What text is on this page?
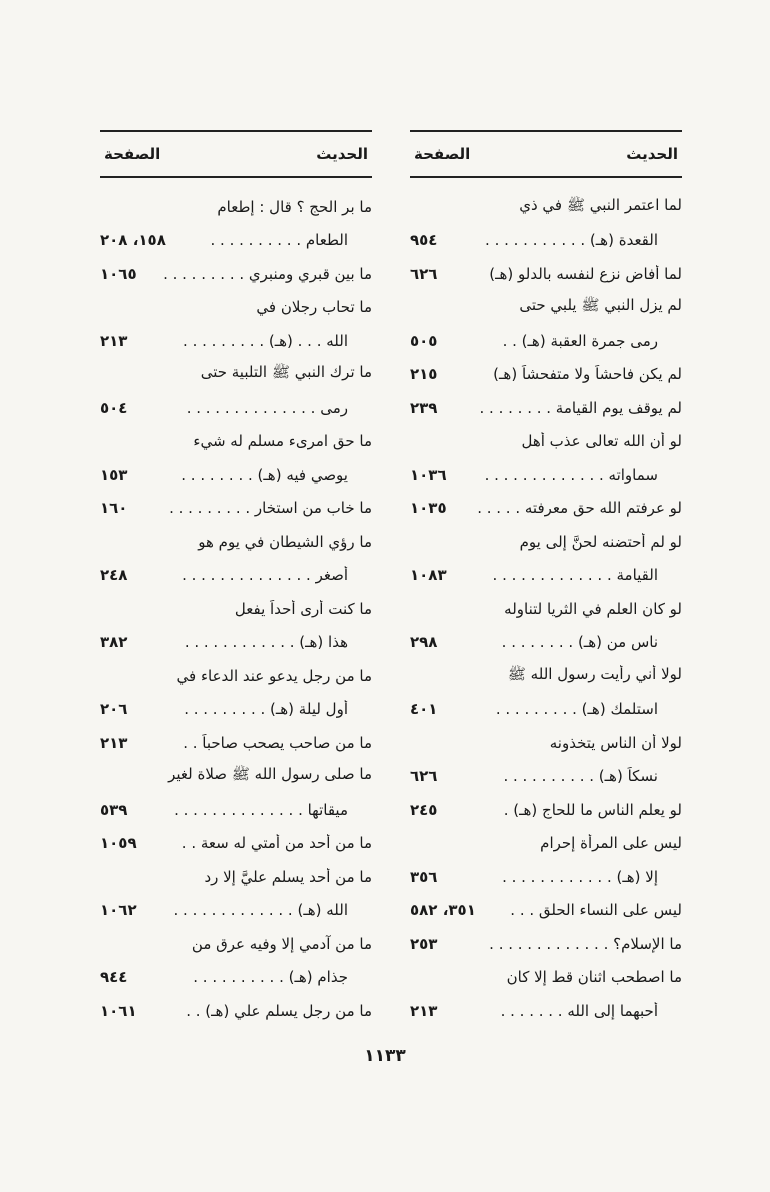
الحديث
الصفحة
لما اعتمر النبي ﷺ في ذي
القعدة (هـ) . . . . . . . . . . .
٩٥٤
لما أفاض نزع لنفسه بالدلو (هـ)
٦٢٦
لم يزل النبي ﷺ يلبي حتى
رمى جمرة العقبة (هـ) . .
٥٠٥
لم يكن فاحشاً ولا متفحشاً (هـ)
٢١٥
لم يوقف يوم القيامة . . . . . . . .
٢٣٩
لو أن الله تعالى عذب أهل
سماواته . . . . . . . . . . . . .
١٠٣٦
لو عرفتم الله حق معرفته . . . . .
١٠٣٥
لو لم أحتضنه لحنَّ إلى يوم
القيامة . . . . . . . . . . . . .
١٠٨٣
لو كان العلم في الثريا لتناوله
ناس من (هـ) . . . . . . . .
٢٩٨
لولا أني رأيت رسول الله ﷺ
استلمك (هـ) . . . . . . . . .
٤٠١
لولا أن الناس يتخذونه
نسكاً (هـ) . . . . . . . . . .
٦٢٦
لو يعلم الناس ما للحاج (هـ) .
٢٤٥
ليس على المرأة إحرام
إلا (هـ) . . . . . . . . . . . .
٣٥٦
ليس على النساء الحلق . . .
٣٥١، ٥٨٢
ما الإسلام؟ . . . . . . . . . . . . .
٢٥٣
ما اصطحب اثنان قط إلا كان
أحبهما إلى الله . . . . . . .
٢١٣
الحديث
الصفحة
ما بر الحج ؟ قال : إطعام
الطعام . . . . . . . . . .
١٥٨، ٢٠٨
ما بين قبري ومنبري . . . . . . . . .
١٠٦٥
ما تحاب رجلان في
الله . . . (هـ) . . . . . . . . .
٢١٣
ما ترك النبي ﷺ التلبية حتى
رمى . . . . . . . . . . . . . .
٥٠٤
ما حق امرىء مسلم له شيء
يوصي فيه (هـ) . . . . . . . .
١٥٣
ما خاب من استخار . . . . . . . . .
١٦٠
ما رؤي الشيطان في يوم هو
أصغر . . . . . . . . . . . . . .
٢٤٨
ما كنت أرى أحداً يفعل
هذا (هـ) . . . . . . . . . . . .
٣٨٢
ما من رجل يدعو عند الدعاء في
أول ليلة (هـ) . . . . . . . . .
٢٠٦
ما من صاحب يصحب صاحباً . .
٢١٣
ما صلى رسول الله ﷺ صلاة لغير
ميقاتها . . . . . . . . . . . . . .
٥٣٩
ما من أحد من أمتي له سعة . .
١٠٥٩
ما من أحد يسلم عليَّ إلا رد
الله (هـ) . . . . . . . . . . . . .
١٠٦٢
ما من آدمي إلا وفيه عرق من
جذام (هـ) . . . . . . . . . .
٩٤٤
ما من رجل يسلم علي (هـ) . .
١٠٦١
١١٣٣
